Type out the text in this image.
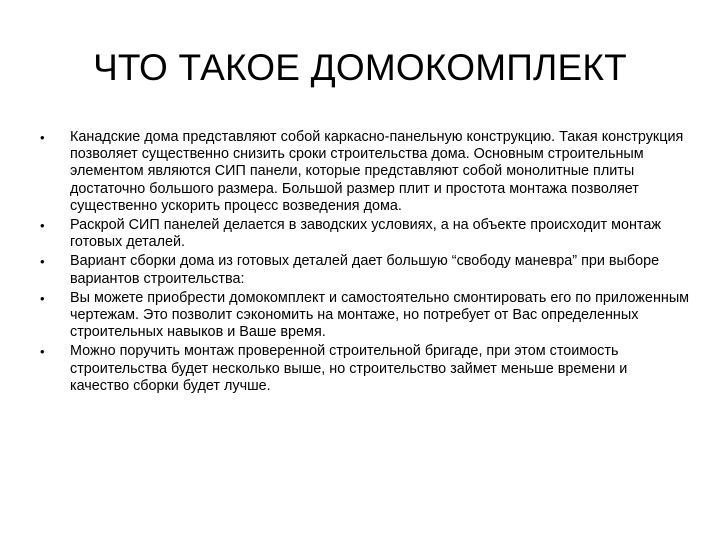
ЧТО ТАКОЕ ДОМОКОМПЛЕКТ
•	Канадские дома представляют собой каркасно-панельную конструкцию. Такая конструкция позволяет существенно снизить сроки строительства дома. Основным строительным элементом являются СИП панели, которые представляют собой монолитные плиты достаточно большого размера. Большой размер плит и простота монтажа позволяет существенно ускорить процесс возведения дома.
•	Раскрой СИП панелей делается в заводских условиях, а на объекте происходит монтаж готовых деталей.
•	Вариант сборки дома из готовых деталей дает большую “свободу маневра” при выборе вариантов строительства:
•	Вы можете приобрести домокомплект и самостоятельно смонтировать его по приложенным чертежам. Это позволит сэкономить на монтаже, но потребует от Вас определенных строительных навыков и Ваше время.
•	Можно поручить монтаж проверенной строительной бригаде, при этом стоимость строительства будет несколько выше, но строительство займет меньше времени и качество сборки будет лучше.
